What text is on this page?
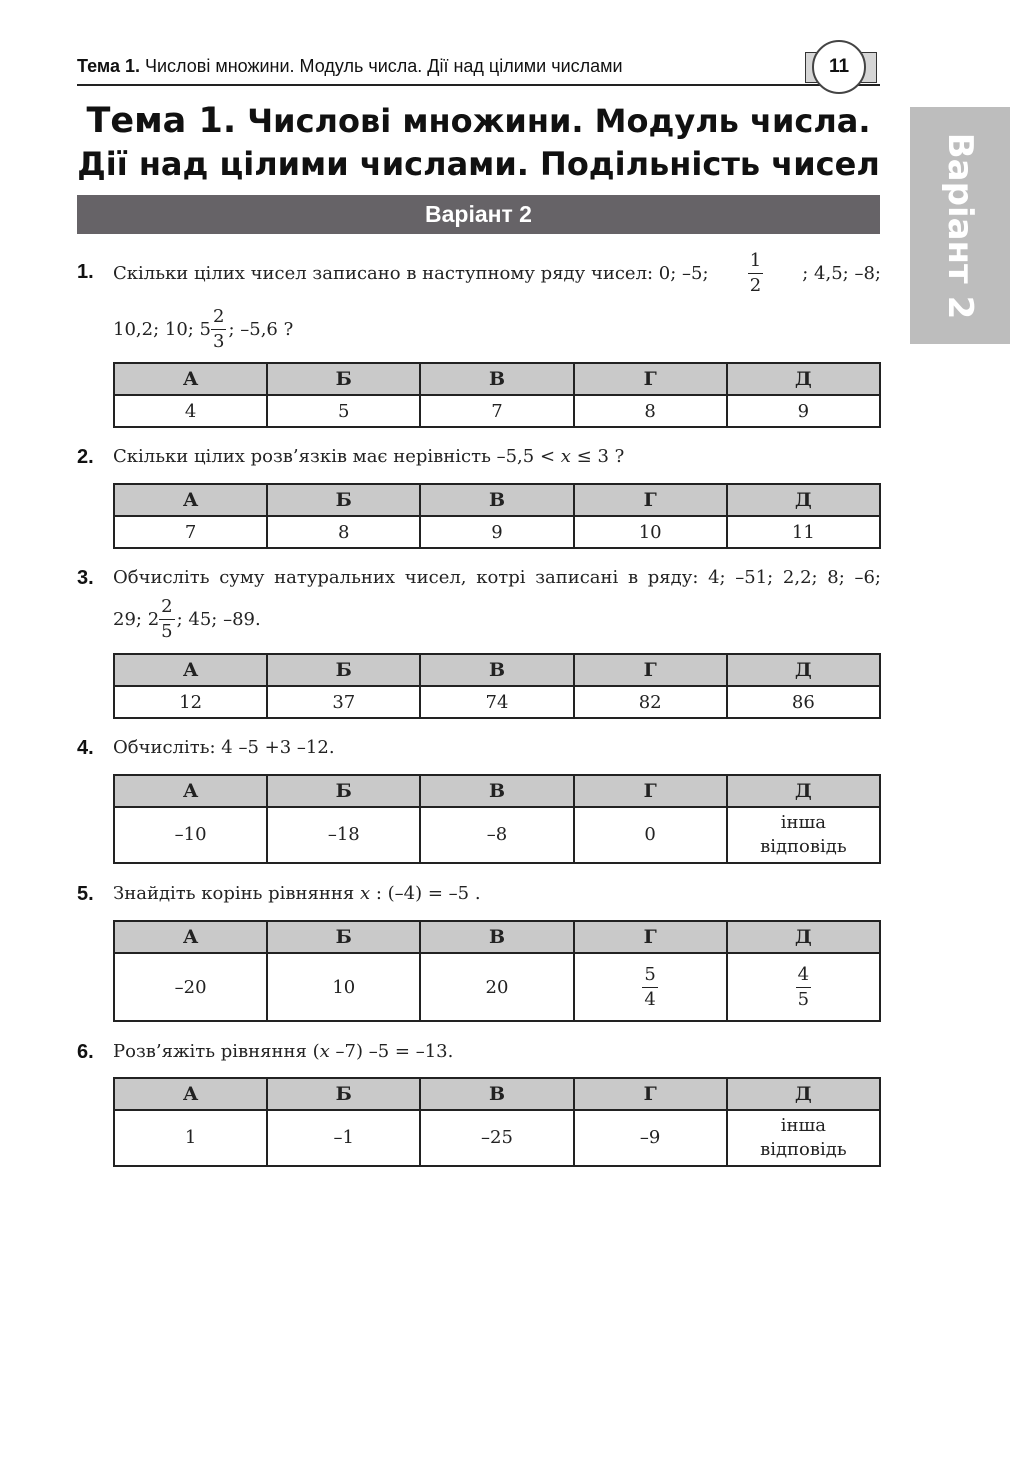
Тема 1. Числові множини. Модуль числа. Дії над цілими числами	11
Варіант 2
Тема 1. Числові множини. Модуль числа.
Дії над цілими числами. Подільність чисел
Варіант 2
1. Скільки цілих чисел записано в наступному ряду чисел: 0; –5; $\frac{1}{2}$ ; 4,5; –8;
10,2; 10; $5 \frac{2}{3}$ ; –5,6 ?
А	Б	В	Г	Д
4	5	7	8	9
2. Скільки цілих розв’язків має нерівність –5,5 < x ≤ 3 ?
А	Б	В	Г	Д
7	8	9	10	11
3. Обчисліть суму натуральних чисел, котрі записані в ряду: 4; –51; 2,2; 8; –6;
29; $2 \frac{2}{5}$ ; 45; –89.
А	Б	В	Г	Д
12	37	74	82	86
4. Обчисліть: 4 –5 +3 –12.
А	Б	В	Г	Д
–10	–18	–8	0	інша
відповідь
5. Знайдіть корінь рівняння x : (–4) = –5 .
А	Б	В	Г	Д
–20	10	20	$\frac{5}{4}$	$\frac{4}{5}$
6. Розв’яжіть рівняння (x –7) –5 = –13.
А	Б	В	Г	Д
1	–1	–25	–9	інша
відповідь
